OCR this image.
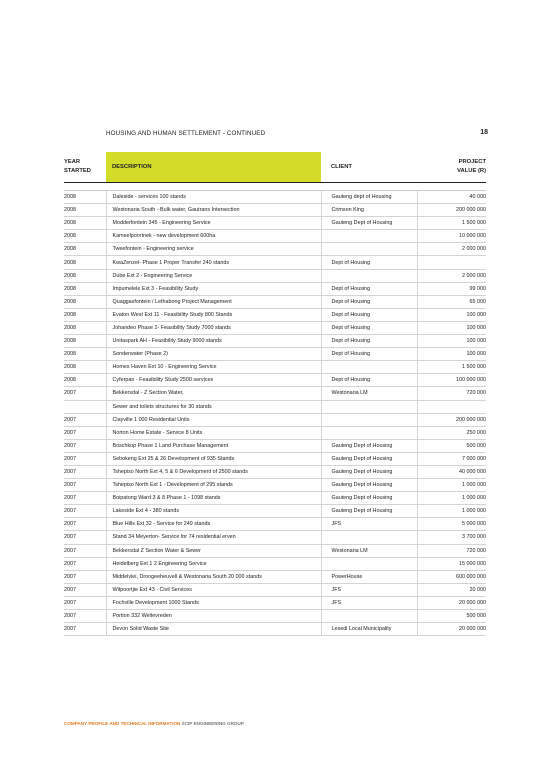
HOUSING AND HUMAN SETTLEMENT - CONTINUED	18
YEAR
STARTED	DESCRIPTION	CLIENT	PROJECT
VALUE (R)

2008	Daleside - services 100 stands	Gauteng dept of Housing	40 000
2008	Westonaria South - Bulk water, Gautrans Intersection	Crimson King	200 000 000
2008	Modderfontein 345 - Engineering Service	Gauteng Dept of Housing	1 500 000
2008	Kameelpoortnek - new development 600ha		10 000 000
2008	Tweefontein - Engineering service		2 000 000
2008	KwaZenzel- Phase 1 Proper Transfer 240 stands	Dept of Housing	
2008	Dube Ext 2 - Engineering Service		2 000 000
2008	Impumelele Ext 3 - Feasibility Study	Dept of Housing	99 000
2008	Quaggasfontein / Lethabong Project Management	Dept of Housing	65 000
2008	Evaton West Ext 11 - Feasibility Study 800 Stands	Dept of Housing	100 000
2008	Johandeo Phase 2- Feasibility Study 7000 stands	Dept of Housing	100 000
2008	Unitaspark AH - Feasibility Study 9000 stands	Dept of Housing	100 000
2008	Sonderwater (Phase 2)	Dept of Housing	100 000
2008	Homes Haven Ext 10 - Engineering Service		1 500 000
2008	Cyferpan - Feasibility Study 2500 services	Dept of Housing	100 000 000
2007	Bekkersdal - Z Section Water,	Westonaria LM	720 000
	Sewer and toilets structures for 30 stands		
2007	Clayville 1 000 Residential Units		200 000 000
2007	Norton Home Estate - Service 8 Units		250 000
2007	Boschkop Phase 1 Land Purchase Management	Gauteng Dept of Housing	500 000
2007	Sebokeng Ext 25 & 26 Development of 935 Stands	Gauteng Dept of Housing	7 000 000
2007	Tshepiso North Ext 4, 5 & 6 Development of 2500 stands	Gauteng Dept of Housing	40 000 000
2007	Tshepiso North Ext 1 - Development of 295 stands	Gauteng Dept of Housing	1 000 000
2007	Boipatong Ward 3 & 8 Phase 1 - 1098 stands	Gauteng Dept of Housing	1 000 000
2007	Lakeside Ext 4 - 380 stands	Gauteng Dept of Housing	1 000 000
2007	Blue Hills Ext 32 - Service for 249 stands	JFS	5 000 000
2007	Stand 34 Meyerton- Service for 74 residential erven		3 700 000
2007	Bekkersdal Z Section Water & Sewer	Westonaria LM	720 000
2007	Heidelberg Ext 1 2 Engineering Service		15 000 000
2007	Middelvlei, Droogeeheuvell & Westonaria South 20 000 stands	PowerHouse	600 000 000
2007	Witpoortjie Ext 43 - Civil Services	JFS	20 000
2007	Fochville Development 1000 Stands	JFS	20 000 000
2007	Portion 332 Weltevreden		500 000
2007	Devon Solid Waste Site	Lesedi Local Municipality	20 000 000
COMPANY PROFILE AND TECHNICAL INFORMATION SCIP ENGINEERING GROUP
